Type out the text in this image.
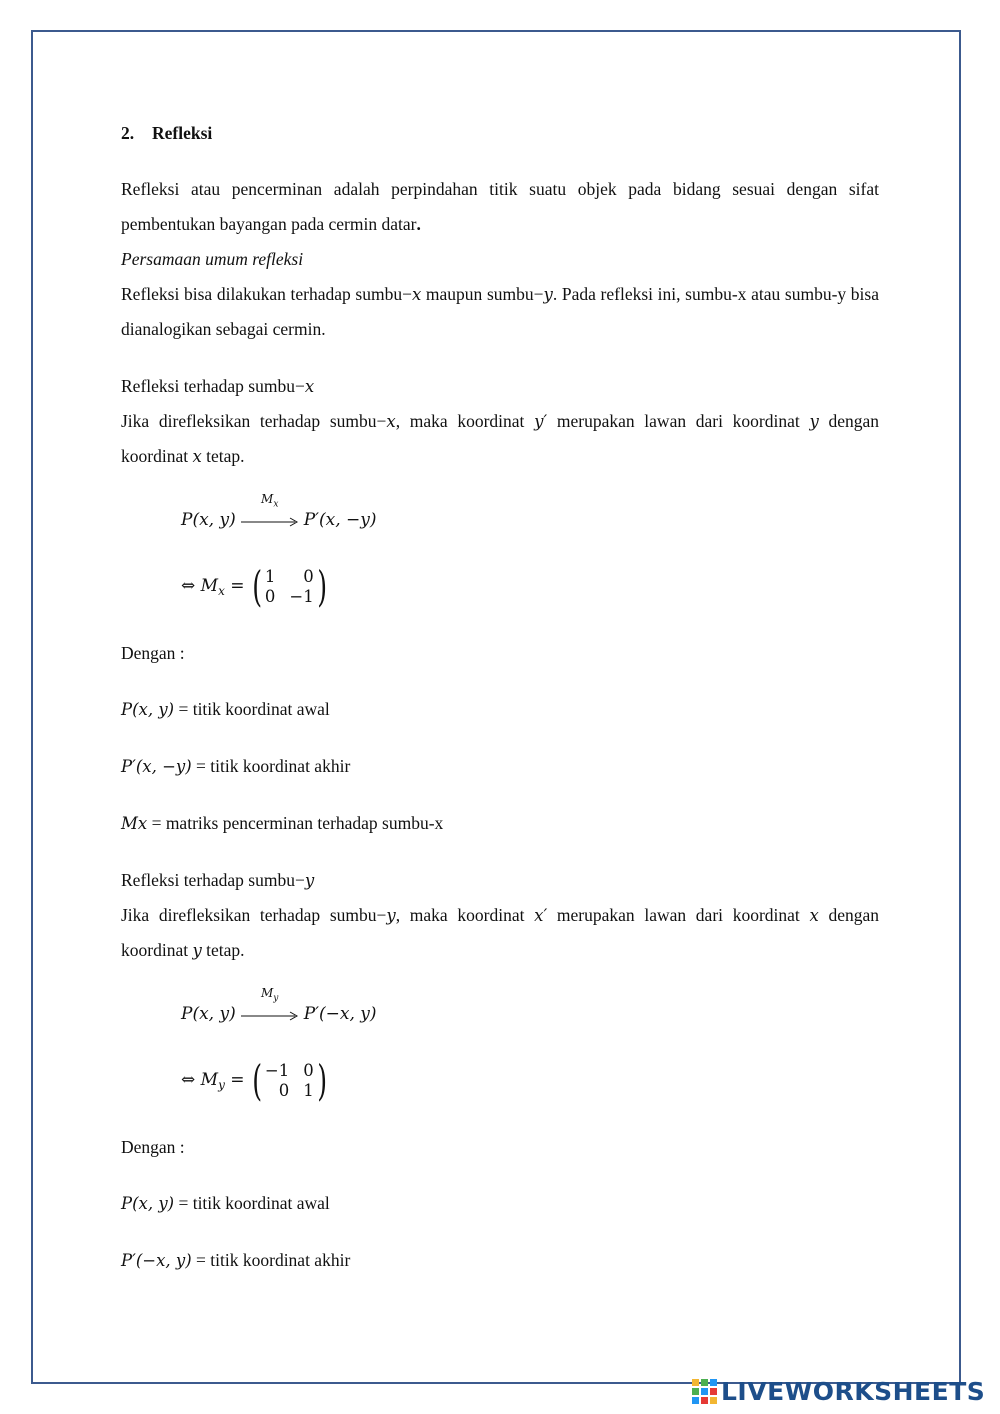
2. Refleksi
Refleksi atau pencerminan adalah perpindahan titik suatu objek pada bidang sesuai dengan sifat pembentukan bayangan pada cermin datar.
Persamaan umum refleksi
Refleksi bisa dilakukan terhadap sumbu−x maupun sumbu−y. Pada refleksi ini, sumbu-x atau sumbu-y bisa dianalogikan sebagai cermin.
Refleksi terhadap sumbu−x
Jika direfleksikan terhadap sumbu−x, maka koordinat y′ merupakan lawan dari koordinat y dengan koordinat x tetap.
P(x, y)
$M_x$
P′(x, −y)
⇔ $M_x$ = ( 1	0
0 −1 )
Dengan :
P(x, y) = titik koordinat awal
P′(x, −y) = titik koordinat akhir
Mx = matriks pencerminan terhadap sumbu-x
Refleksi terhadap sumbu−y
Jika direfleksikan terhadap sumbu−y, maka koordinat x′ merupakan lawan dari koordinat x dengan koordinat y tetap.
P(x, y)
$M_y$
P′(−x, y)
⇔ $M_y$ = ( −1 0
0 1 )
Dengan :
P(x, y) = titik koordinat awal
P′(−x, y) = titik koordinat akhir
LIVEWORKSHEETS
